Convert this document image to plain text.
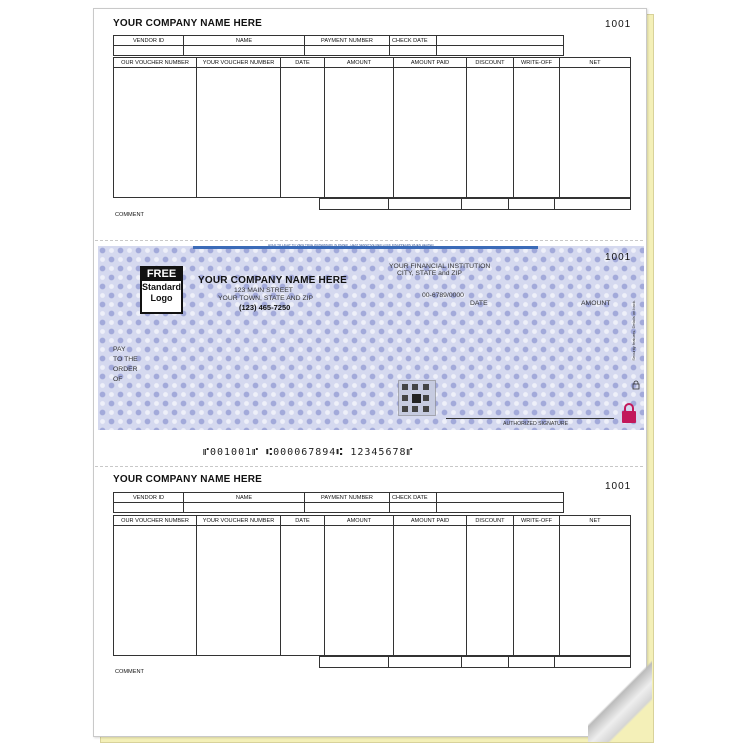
YOUR COMPANY NAME HERE	1001
VENDOR ID	NAME	PAYMENT NUMBER	CHECK DATE	

OUR VOUCHER NUMBER	YOUR VOUCHER NUMBER	DATE	AMOUNT	AMOUNT PAID	DISCOUNT	WRITE-OFF	NET

COMMENT
HOLD TO LIGHT TO VIEW TRUE WATERMARK IN PAPER · HEAT SENSITIVE RED LOCK DISAPPEARS WHEN HEATED
1001
FREE
Standard
Logo
YOUR COMPANY NAME HERE
123 MAIN STREET
YOUR TOWN, STATE AND ZIP
(123) 465-7250
YOUR FINANCIAL INSTITUTION
CITY, STATE and ZIP
00-6789/0000
DATE	AMOUNT
PAY
TO THE
ORDER
OF
AUTHORIZED SIGNATURE
Security features. Details on back.
⑈001001⑈ ⑆000067894⑆ 12345678⑈
YOUR COMPANY NAME HERE
1001
VENDOR ID	NAME	PAYMENT NUMBER	CHECK DATE	

OUR VOUCHER NUMBER	YOUR VOUCHER NUMBER	DATE	AMOUNT	AMOUNT PAID	DISCOUNT	WRITE-OFF	NET

COMMENT
